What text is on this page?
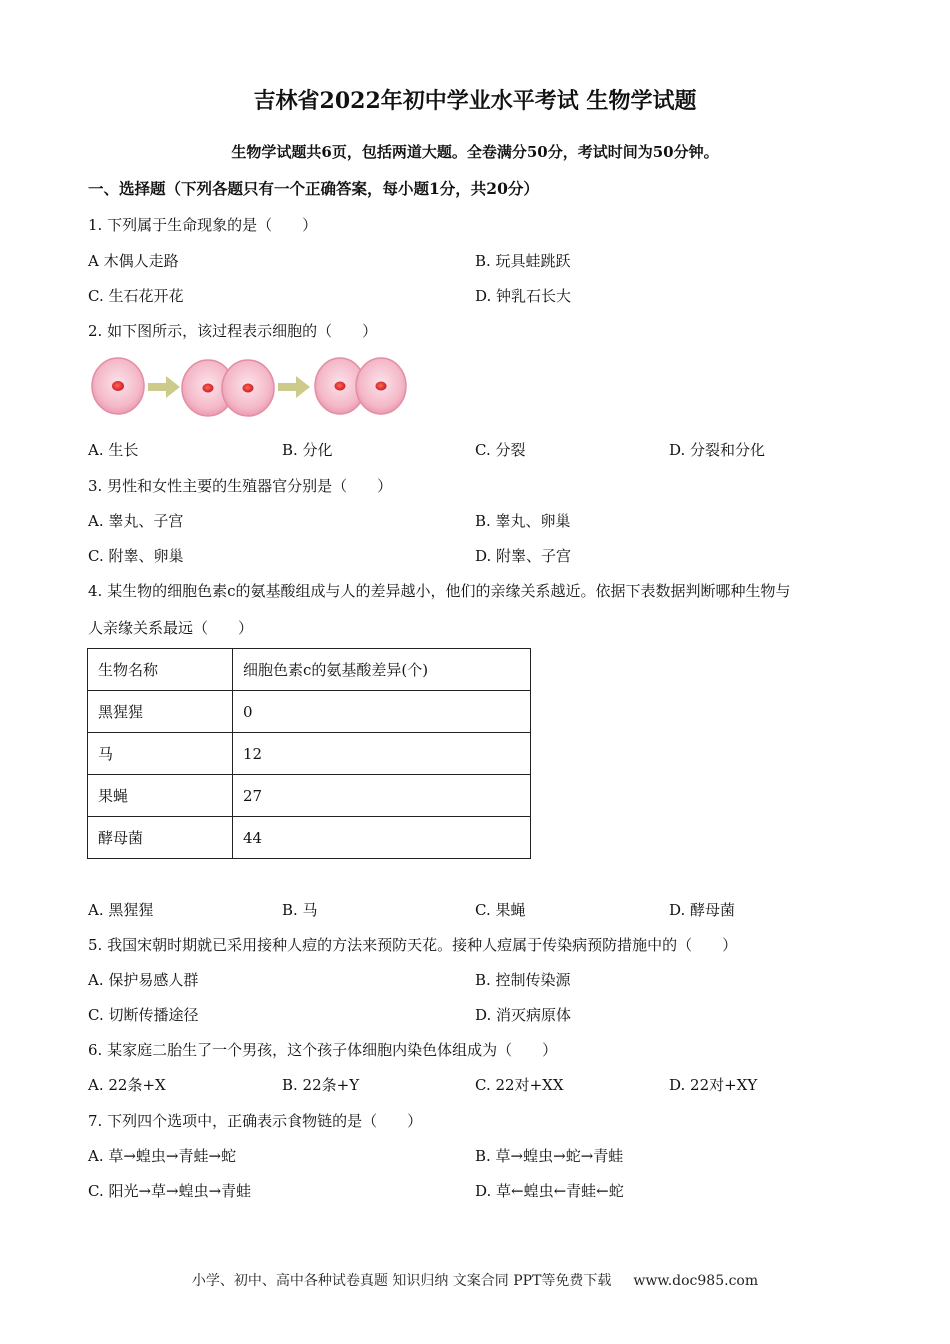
吉林省2022年初中学业水平考试 生物学试题
生物学试题共6页，包括两道大题。全卷满分50分，考试时间为50分钟。
一、选择题（下列各题只有一个正确答案，每小题1分，共20分）
1. 下列属于生命现象的是（　　）
A 木偶人走路	B. 玩具蛙跳跃
C. 生石花开花	D. 钟乳石长大
2. 如下图所示，该过程表示细胞的（　　）
A. 生长	B. 分化	C. 分裂	D. 分裂和分化
3. 男性和女性主要的生殖器官分别是（　　）
A. 睾丸、子宫	B. 睾丸、卵巢
C. 附睾、卵巢	D. 附睾、子宫
4. 某生物的细胞色素c的氨基酸组成与人的差异越小，他们的亲缘关系越近。依据下表数据判断哪种生物与
人亲缘关系最远（　　）
生物名称	细胞色素c的氨基酸差异(个)
黑猩猩	0
马	12
果蝇	27
酵母菌	44
A. 黑猩猩	B. 马	C. 果蝇	D. 酵母菌
5. 我国宋朝时期就已采用接种人痘的方法来预防天花。接种人痘属于传染病预防措施中的（　　）
A. 保护易感人群	B. 控制传染源
C. 切断传播途径	D. 消灭病原体
6. 某家庭二胎生了一个男孩，这个孩子体细胞内染色体组成为（　　）
A. 22条+X	B. 22条+Y	C. 22对+XX	D. 22对+XY
7. 下列四个选项中，正确表示食物链的是（　　）
A. 草→蝗虫→青蛙→蛇	B. 草→蝗虫→蛇→青蛙
C. 阳光→草→蝗虫→青蛙	D. 草←蝗虫←青蛙←蛇
小学、初中、高中各种试卷真题 知识归纳 文案合同 PPT等免费下载 www.doc985.com
